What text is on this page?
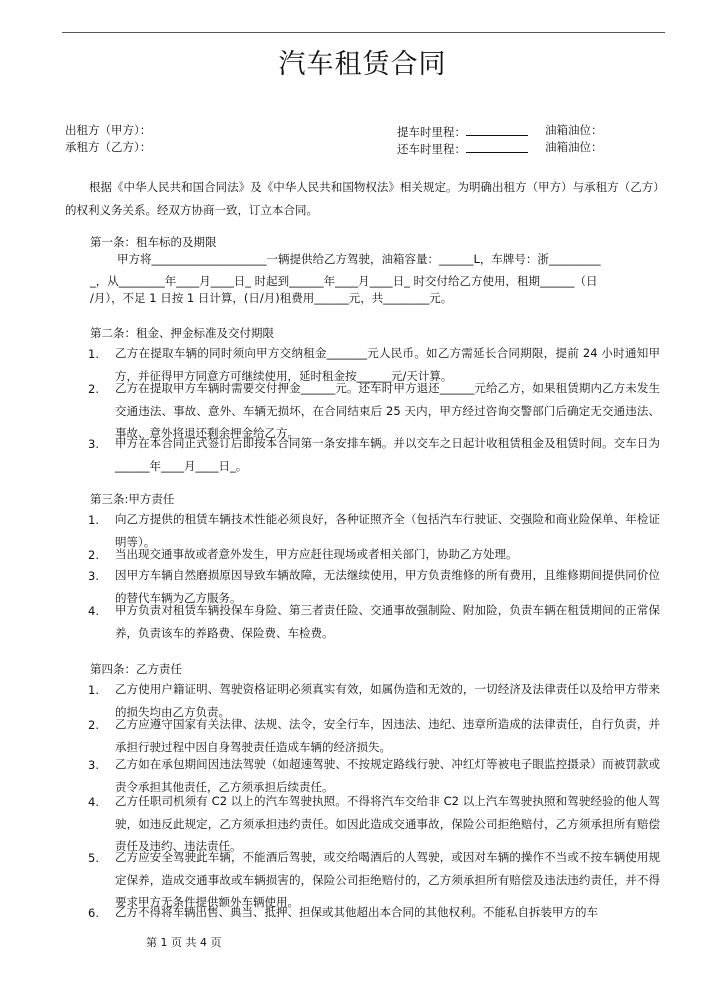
汽车租赁合同
出租方（甲方）：
承租方（乙方）：
提车时里程：	油箱油位：
还车时里程：	油箱油位：
根据《中华人民共和国合同法》及《中华人民共和国物权法》相关规定。为明确出租方（甲方）与承租方（乙方）的权利义务关系。经双方协商一致，订立本合同。
第一条：租车标的及期限
甲方将____________________一辆提供给乙方驾驶，油箱容量：______L，车牌号：浙_________
_，从________年____月____日_ 时起到______年____月____日_ 时交付给乙方使用，租期______（日
/月），不足 1 日按 1 日计算，(日/月)租费用______元，共________元。
第二条：租金、押金标准及交付期限
1. 乙方在提取车辆的同时须向甲方交纳租金_______元人民币。如乙方需延长合同期限，提前 24 小时通知甲方，并征得甲方同意方可继续使用，延时租金按______元/天计算。
2. 乙方在提取甲方车辆时需要交付押金______元。还车时甲方退还______元给乙方，如果租赁期内乙方未发生交通违法、事故、意外、车辆无损坏，在合同结束后 25 天内，甲方经过咨询交警部门后确定无交通违法、事故、意外将退还剩余押金给乙方。
3. 甲方在本合同正式签订后即按本合同第一条安排车辆。并以交车之日起计收租赁租金及租赁时间。交车日为______年____月____日_。
第三条:甲方责任
1. 向乙方提供的租赁车辆技术性能必须良好，各种证照齐全（包括汽车行驶证、交强险和商业险保单、年检证明等）。
2. 当出现交通事故或者意外发生，甲方应赶往现场或者相关部门，协助乙方处理。
3. 因甲方车辆自然磨损原因导致车辆故障，无法继续使用，甲方负责维修的所有费用，且维修期间提供同价位的替代车辆为乙方服务。
4. 甲方负责对租赁车辆投保车身险、第三者责任险、交通事故强制险、附加险，负责车辆在租赁期间的正常保养，负责该车的养路费、保险费、车检费。
第四条：乙方责任
1. 乙方使用户籍证明、驾驶资格证明必须真实有效，如属伪造和无效的，一切经济及法律责任以及给甲方带来的损失均由乙方负责。
2. 乙方应遵守国家有关法律、法规、法令，安全行车，因违法、违纪、违章所造成的法律责任，自行负责，并承担行驶过程中因自身驾驶责任造成车辆的经济损失。
3. 乙方如在承包期间因违法驾驶（如超速驾驶、不按规定路线行驶、冲红灯等被电子眼监控摄录）而被罚款或责令承担其他责任，乙方须承担后续责任。
4. 乙方任职司机须有 C2 以上的汽车驾驶执照。不得将汽车交给非 C2 以上汽车驾驶执照和驾驶经验的他人驾驶，如违反此规定，乙方须承担违约责任。如因此造成交通事故，保险公司拒绝赔付，乙方须承担所有赔偿责任及违约、违法责任。
5. 乙方应安全驾驶此车辆，不能酒后驾驶，或交给喝酒后的人驾驶，或因对车辆的操作不当或不按车辆使用规定保养，造成交通事故或车辆损害的，保险公司拒绝赔付的，乙方须承担所有赔偿及违法违约责任，并不得要求甲方无条件提供额外车辆使用。
6. 乙方不得将车辆出售、典当、抵押、担保或其他超出本合同的其他权利。不能私自拆装甲方的车
第 1 页 共 4 页
